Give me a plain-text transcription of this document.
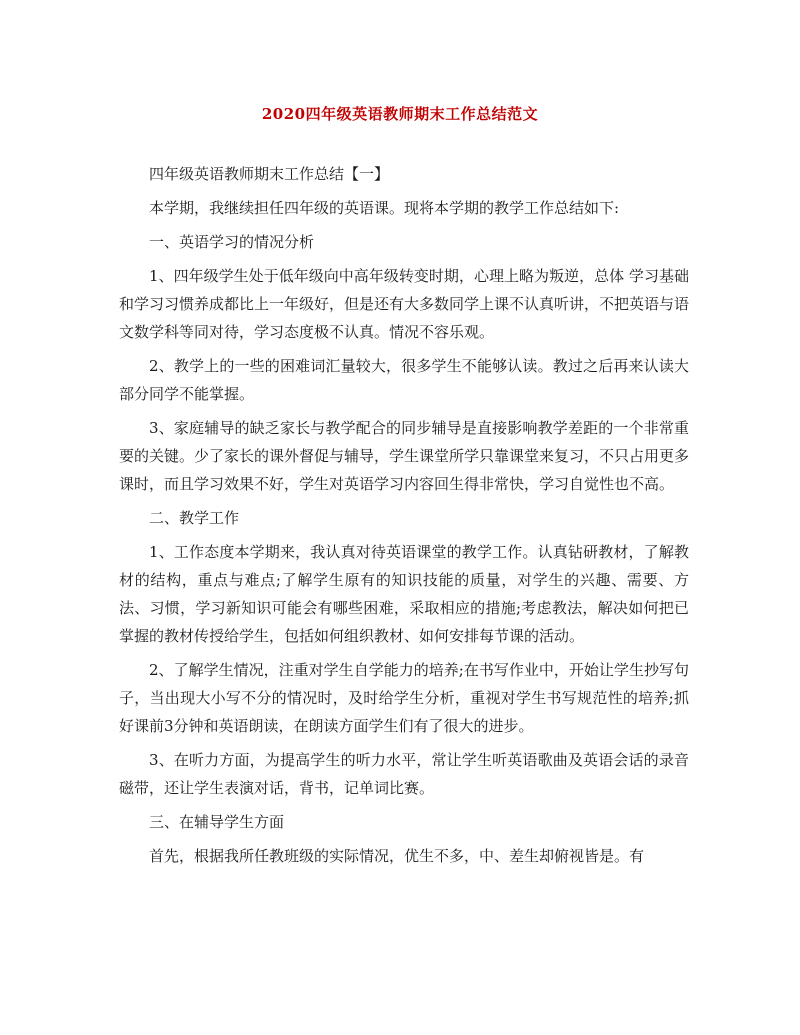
2020四年级英语教师期末工作总结范文

四年级英语教师期末工作总结【一】

本学期，我继续担任四年级的英语课。现将本学期的教学工作总结如下:

一、英语学习的情况分析

1、四年级学生处于低年级向中高年级转变时期，心理上略为叛逆，总体 学习基础和学习习惯养成都比上一年级好，但是还有大多数同学上课不认真听讲，不把英语与语文数学科等同对待，学习态度极不认真。情况不容乐观。

2、教学上的一些的困难词汇量较大，很多学生不能够认读。教过之后再来认读大部分同学不能掌握。

3、家庭辅导的缺乏家长与教学配合的同步辅导是直接影响教学差距的一个非常重要的关键。少了家长的课外督促与辅导，学生课堂所学只靠课堂来复习，不只占用更多课时，而且学习效果不好，学生对英语学习内容回生得非常快，学习自觉性也不高。

二、教学工作

1、工作态度本学期来，我认真对待英语课堂的教学工作。认真钻研教材，了解教材的结构，重点与难点;了解学生原有的知识技能的质量，对学生的兴趣、需要、方法、习惯，学习新知识可能会有哪些困难，采取相应的措施;考虑教法，解决如何把已掌握的教材传授给学生，包括如何组织教材、如何安排每节课的活动。

2、了解学生情况，注重对学生自学能力的培养;在书写作业中，开始让学生抄写句子，当出现大小写不分的情况时，及时给学生分析，重视对学生书写规范性的培养;抓好课前3分钟和英语朗读，在朗读方面学生们有了很大的进步。

3、在听力方面，为提高学生的听力水平，常让学生听英语歌曲及英语会话的录音磁带，还让学生表演对话，背书，记单词比赛。

三、在辅导学生方面

首先，根据我所任教班级的实际情况，优生不多，中、差生却俯视皆是。有
